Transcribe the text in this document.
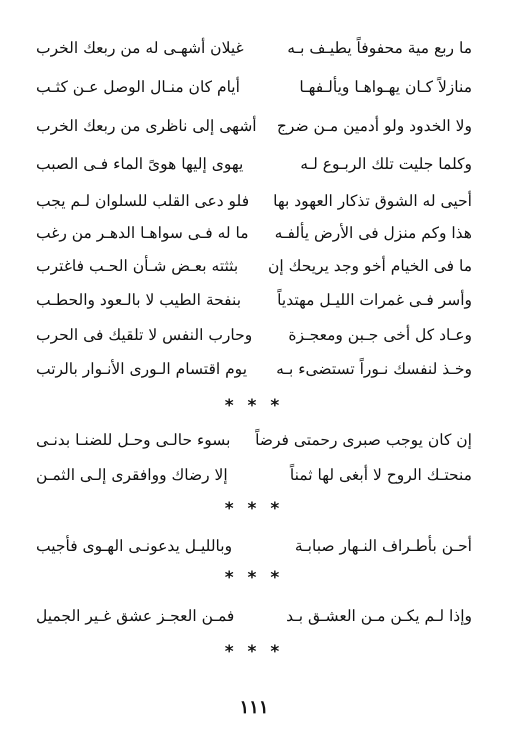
ما ربع مية محفوفاً يطيـف بـه
غيلان أشهـى له من ربعك الخرب
منازلاً كـان يهـواهـا ويألـفهـا
أيام كان منـال الوصل عـن كثـب
ولا الخدود ولو أدمين مـن ضرج
أشهى إلى ناظرى من ربعك الخرب
وكلما جليت تلك الربـوع لـه
يهوى إليها هوىً الماء فـى الصبب
أحيى له الشوق تذكار العهود بها
فلو دعى القلب للسلوان لـم يجب
هذا وكم منزل فى الأرض يألفـه
ما له فـى سواهـا الدهـر من رغب
ما فى الخيام أخو وجد يريحك إن
بثثته بعـض شـأن الحـب فاغترب
وأسر فـى غمرات الليـل مهتدياً
بنفحة الطيب لا بالـعود والحطـب
وعـاد كل أخى جـبن ومعجـزة
وحارب النفس لا تلقيك فى الحرب
وخـذ لنفسك نـوراً تستضىء بـه
يوم اقتسام الـورى الأنـوار بالرتب
* * *
إن كان يوجب صبرى رحمتى فرضاً
بسوء حالـى وحـل للضنـا بدنـى
منحتـك الروح لا أبغى لها ثمناً
إلا رضاك ووافقرى إلـى الثمـن
* * *
أحـن بأطـراف النـهار صبابـة
وبالليـل يدعونـى الهـوى فأجيب
* * *
وإذا لـم يكـن مـن العشـق بـد
فمـن العجـز عشق غـير الجميل
* * *
١١١
